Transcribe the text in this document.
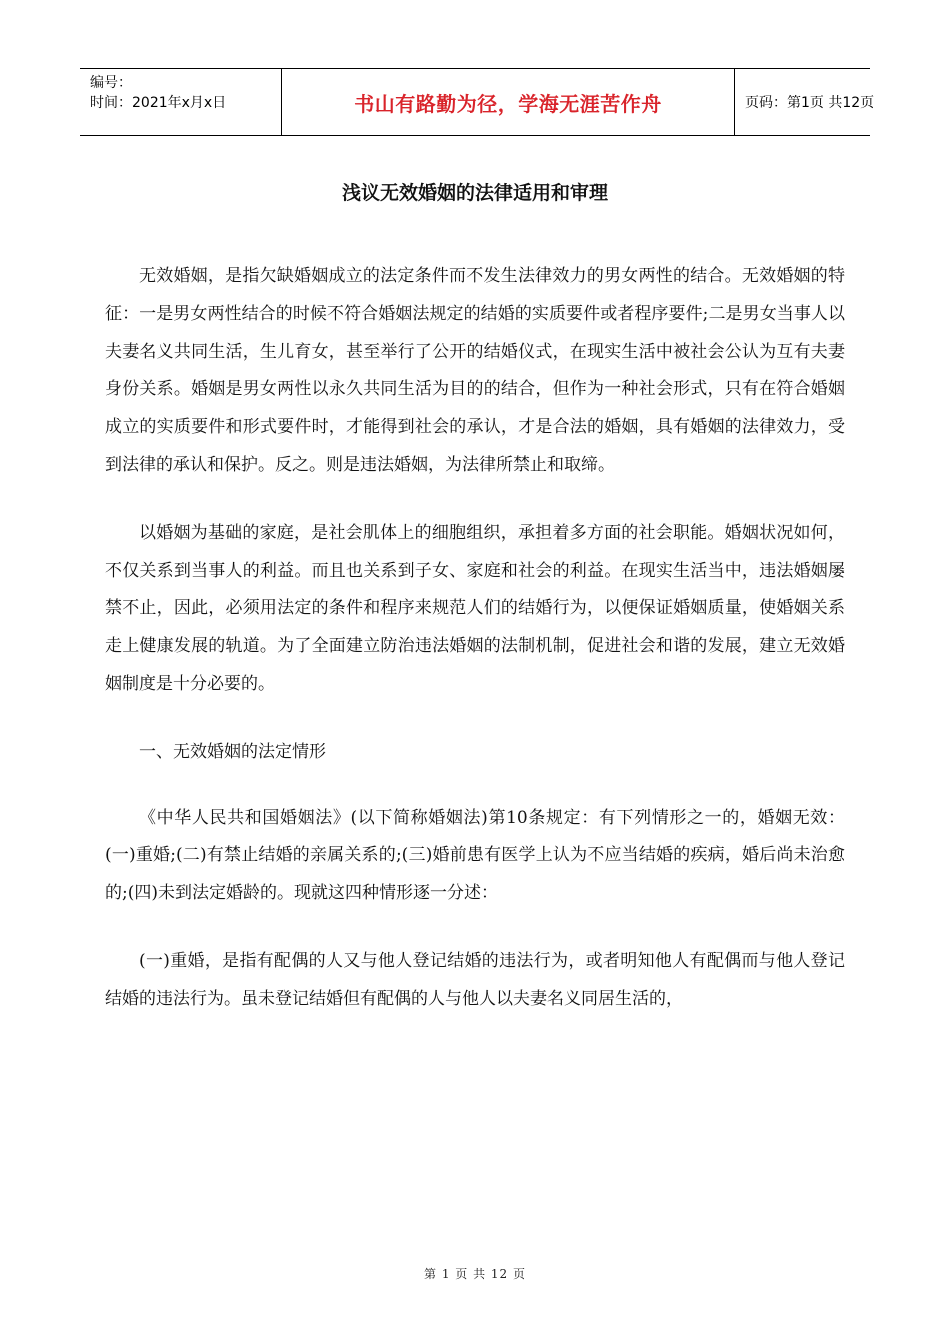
编号：
时间：2021年x月x日	书山有路勤为径，学海无涯苦作舟	页码：第1页 共12页
浅议无效婚姻的法律适用和审理

无效婚姻，是指欠缺婚姻成立的法定条件而不发生法律效力的男女两性的结合。无效婚姻的特征：一是男女两性结合的时候不符合婚姻法规定的结婚的实质要件或者程序要件;二是男女当事人以夫妻名义共同生活，生儿育女，甚至举行了公开的结婚仪式，在现实生活中被社会公认为互有夫妻身份关系。婚姻是男女两性以永久共同生活为目的的结合，但作为一种社会形式，只有在符合婚姻成立的实质要件和形式要件时，才能得到社会的承认，才是合法的婚姻，具有婚姻的法律效力，受到法律的承认和保护。反之。则是违法婚姻，为法律所禁止和取缔。

以婚姻为基础的家庭，是社会肌体上的细胞组织，承担着多方面的社会职能。婚姻状况如何，不仅关系到当事人的利益。而且也关系到子女、家庭和社会的利益。在现实生活当中，违法婚姻屡禁不止，因此，必须用法定的条件和程序来规范人们的结婚行为，以便保证婚姻质量，使婚姻关系走上健康发展的轨道。为了全面建立防治违法婚姻的法制机制，促进社会和谐的发展，建立无效婚姻制度是十分必要的。

一、无效婚姻的法定情形

《中华人民共和国婚姻法》(以下简称婚姻法)第10条规定：有下列情形之一的，婚姻无效：(一)重婚;(二)有禁止结婚的亲属关系的;(三)婚前患有医学上认为不应当结婚的疾病，婚后尚未治愈的;(四)未到法定婚龄的。现就这四种情形逐一分述：

(一)重婚，是指有配偶的人又与他人登记结婚的违法行为，或者明知他人有配偶而与他人登记结婚的违法行为。虽未登记结婚但有配偶的人与他人以夫妻名义同居生活的，

第 1 页 共 12 页
